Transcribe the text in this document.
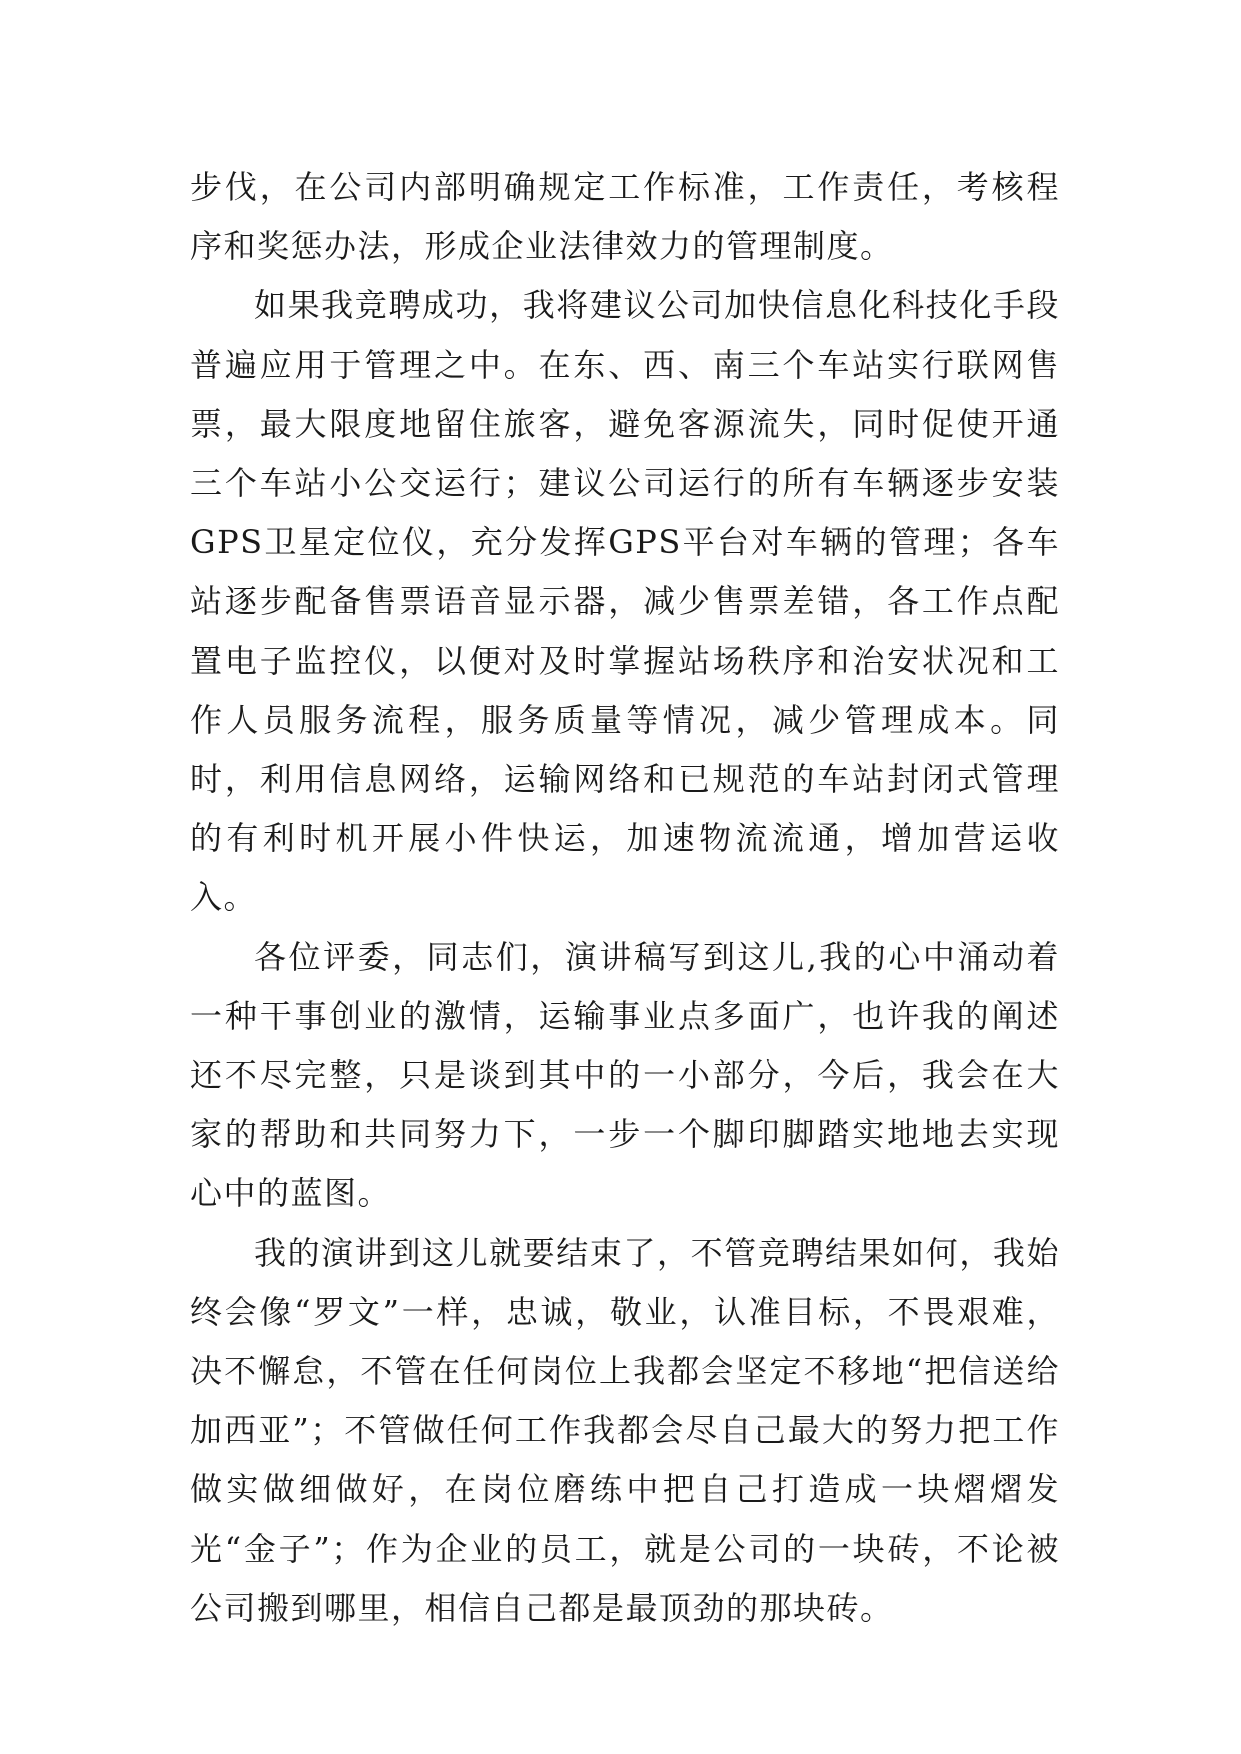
步伐，在公司内部明确规定工作标准，工作责任，考核程序和奖惩办法，形成企业法律效力的管理制度。

如果我竞聘成功，我将建议公司加快信息化科技化手段普遍应用于管理之中。在东、西、南三个车站实行联网售票，最大限度地留住旅客，避免客源流失，同时促使开通三个车站小公交运行；建议公司运行的所有车辆逐步安装GPS卫星定位仪，充分发挥GPS平台对车辆的管理；各车站逐步配备售票语音显示器，减少售票差错，各工作点配置电子监控仪，以便对及时掌握站场秩序和治安状况和工作人员服务流程，服务质量等情况，减少管理成本。同时，利用信息网络，运输网络和已规范的车站封闭式管理的有利时机开展小件快运，加速物流流通，增加营运收入。

各位评委，同志们，演讲稿写到这儿,我的心中涌动着一种干事创业的激情，运输事业点多面广，也许我的阐述还不尽完整，只是谈到其中的一小部分，今后，我会在大家的帮助和共同努力下，一步一个脚印脚踏实地地去实现心中的蓝图。

我的演讲到这儿就要结束了，不管竞聘结果如何，我始终会像“罗文”一样，忠诚，敬业，认准目标，不畏艰难，决不懈怠，不管在任何岗位上我都会坚定不移地“把信送给加西亚”；不管做任何工作我都会尽自己最大的努力把工作做实做细做好，在岗位磨练中把自己打造成一块熠熠发光“金子”；作为企业的员工，就是公司的一块砖，不论被公司搬到哪里，相信自己都是最顶劲的那块砖。
